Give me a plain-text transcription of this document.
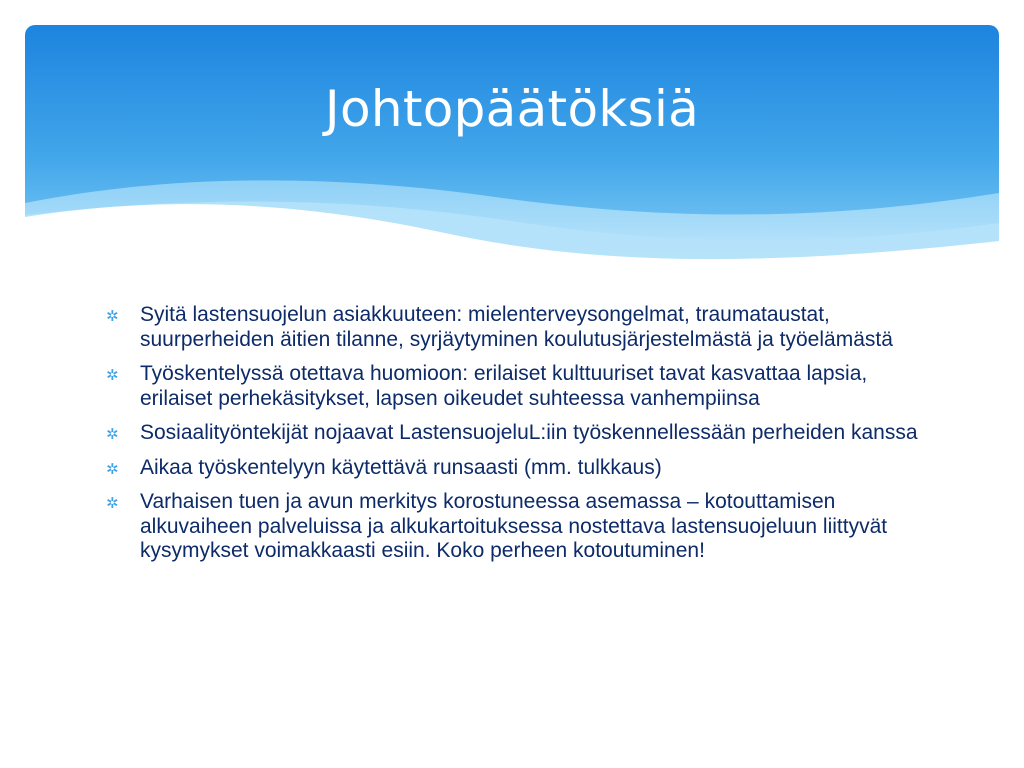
Johtopäätöksiä
✲ Syitä lastensuojelun asiakkuuteen: mielenterveysongelmat, traumataustat, suurperheiden äitien tilanne, syrjäytyminen koulutusjärjestelmästä ja työelämästä
✲ Työskentelyssä otettava huomioon: erilaiset kulttuuriset tavat kasvattaa lapsia, erilaiset perhekäsitykset, lapsen oikeudet suhteessa vanhempiinsa
✲ Sosiaalityöntekijät nojaavat LastensuojeluL:iin työskennellessään perheiden kanssa
✲ Aikaa työskentelyyn käytettävä runsaasti (mm. tulkkaus)
✲ Varhaisen tuen ja avun merkitys korostuneessa asemassa – kotouttamisen alkuvaiheen palveluissa ja alkukartoituksessa nostettava lastensuojeluun liittyvät kysymykset voimakkaasti esiin. Koko perheen kotoutuminen!
